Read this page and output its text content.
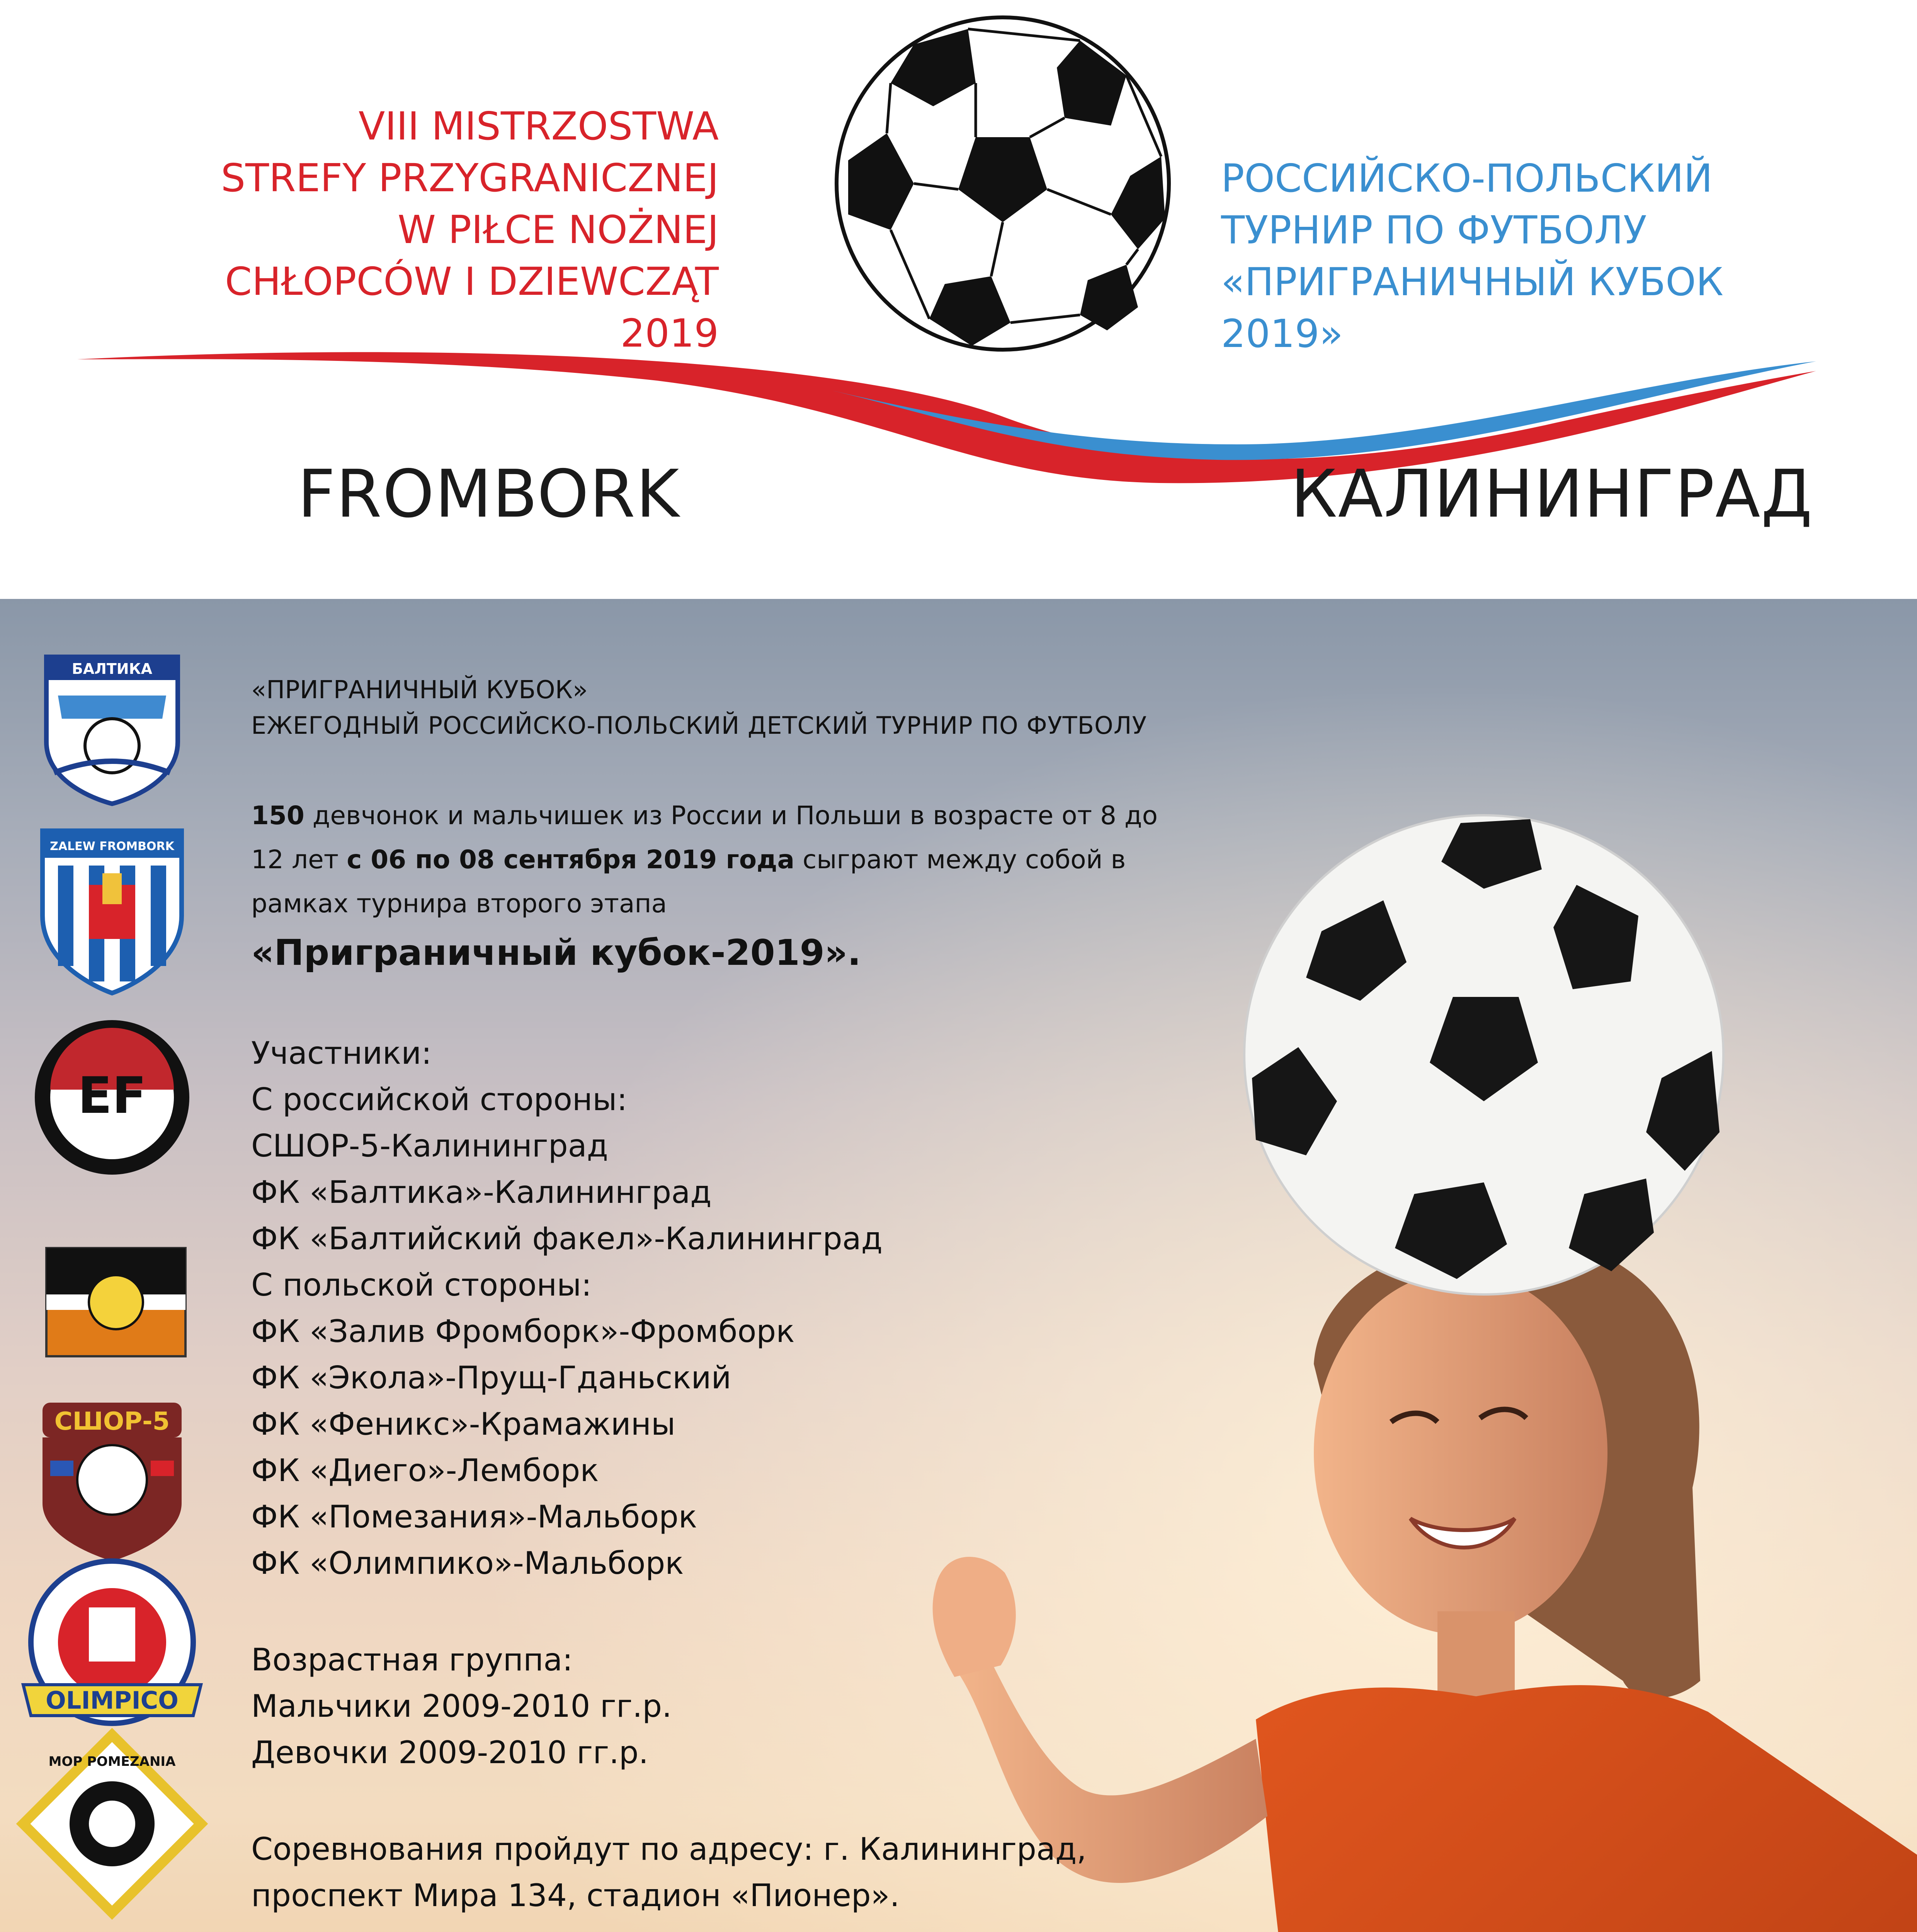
VIII MISTRZOSTWA
STREFY PRZYGRANICZNEJ
W PIŁCE NOŻNEJ
CHŁOPCÓW I DZIEWCZĄT
2019
РОССИЙСКО-ПОЛЬСКИЙ
ТУРНИР ПО ФУТБОЛУ
«ПРИГРАНИЧНЫЙ КУБОК
2019»
FROMBORK	КАЛИНИНГРАД
БАЛТИКА
ZALEW FROMBORK
EF
СШОР-5
OLIMPICO
MOP POMEZANIA
«ПРИГРАНИЧНЫЙ КУБОК»
ЕЖЕГОДНЫЙ РОССИЙСКО-ПОЛЬСКИЙ ДЕТСКИЙ ТУРНИР ПО ФУТБОЛУ
150 девчонок и мальчишек из России и Польши в возрасте от 8 до
12 лет с 06 по 08 сентября 2019 года сыграют между собой в
рамках турнира второго этапа
«Приграничный кубок-2019».
Участники:
С российской стороны:
СШОР-5-Калининград
ФК «Балтика»-Калининград
ФК «Балтийский факел»-Калининград
С польской стороны:
ФК «Залив Фромборк»-Фромборк
ФК «Экола»-Прущ-Гданьский
ФК «Феникс»-Крамажины
ФК «Диего»-Лемборк
ФК «Помезания»-Мальборк
ФК «Олимпико»-Мальборк
Возрастная группа:
Мальчики 2009-2010 гг.р.
Девочки 2009-2010 гг.р.
Соревнования пройдут по адресу: г. Калининград,
проспект Мира 134, стадион «Пионер».
